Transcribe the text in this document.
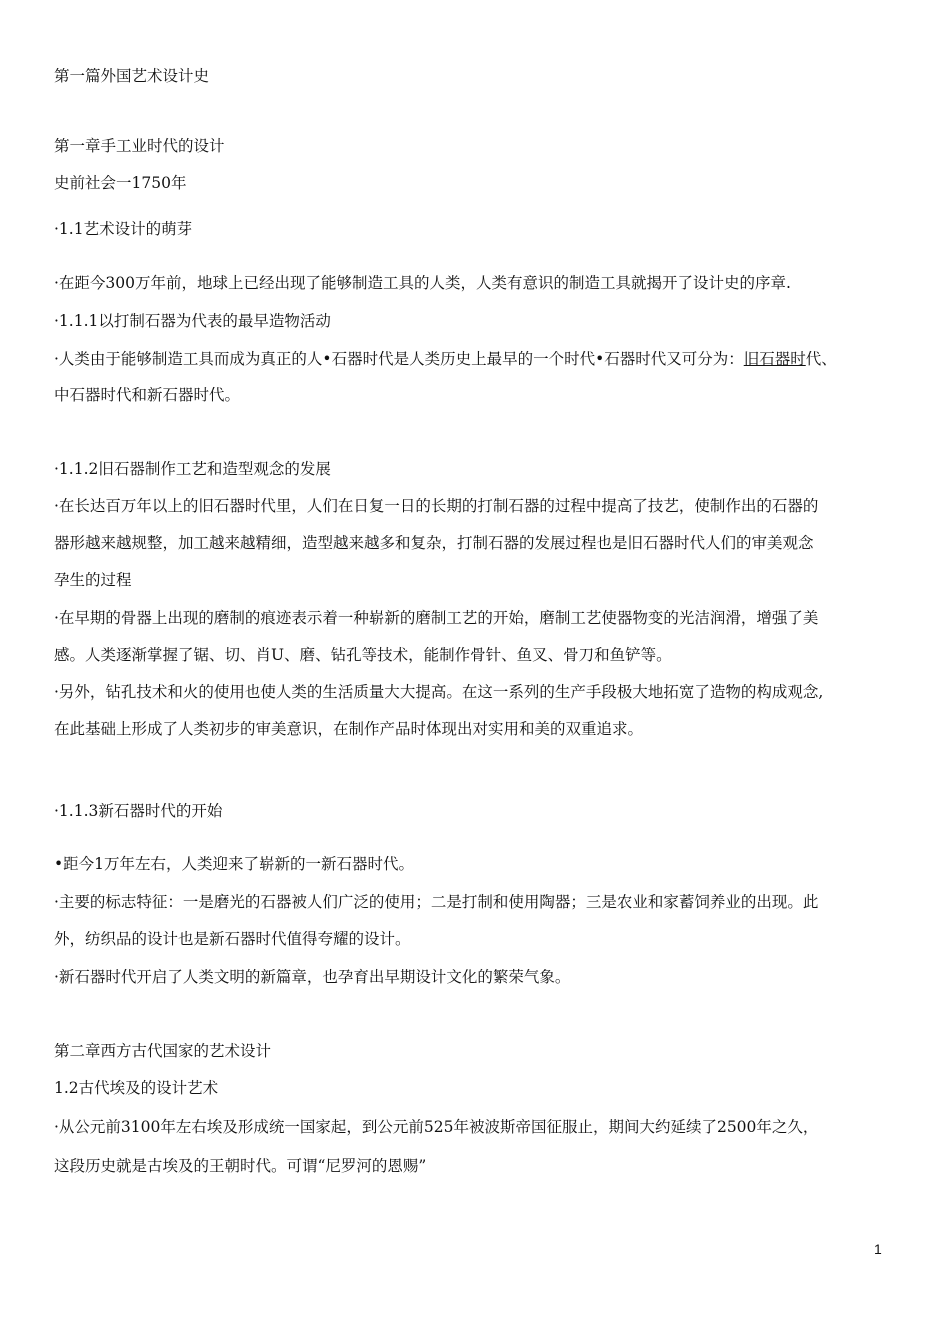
第一篇外国艺术设计史

第一章手工业时代的设计

史前社会一1750年

·1.1艺术设计的萌芽

·在距今300万年前，地球上已经出现了能够制造工具的人类，人类有意识的制造工具就揭开了设计史的序章.

·1.1.1以打制石器为代表的最早造物活动

·人类由于能够制造工具而成为真正的人•石器时代是人类历史上最早的一个时代•石器时代又可分为：旧石器时代、

中石器时代和新石器时代。

·1.1.2旧石器制作工艺和造型观念的发展

·在长达百万年以上的旧石器时代里，人们在日复一日的长期的打制石器的过程中提高了技艺，使制作出的石器的

器形越来越规整，加工越来越精细，造型越来越多和复杂，打制石器的发展过程也是旧石器时代人们的审美观念

孕生的过程

·在早期的骨器上出现的磨制的痕迹表示着一种崭新的磨制工艺的开始，磨制工艺使器物变的光洁润滑，增强了美

感。人类逐渐掌握了锯、切、肖U、磨、钻孔等技术，能制作骨针、鱼叉、骨刀和鱼铲等。

·另外，钻孔技术和火的使用也使人类的生活质量大大提高。在这一系列的生产手段极大地拓宽了造物的构成观念,

在此基础上形成了人类初步的审美意识，在制作产品时体现出对实用和美的双重追求。

·1.1.3新石器时代的开始

•距今1万年左右，人类迎来了崭新的一新石器时代。

·主要的标志特征：一是磨光的石器被人们广泛的使用；二是打制和使用陶器；三是农业和家蓄饲养业的出现。此

外，纺织品的设计也是新石器时代值得夸耀的设计。

·新石器时代开启了人类文明的新篇章，也孕育出早期设计文化的繁荣气象。

第二章西方古代国家的艺术设计

1.2古代埃及的设计艺术

·从公元前3100年左右埃及形成统一国家起，到公元前525年被波斯帝国征服止，期间大约延续了2500年之久，

这段历史就是古埃及的王朝时代。可谓“尼罗河的恩赐”

1
